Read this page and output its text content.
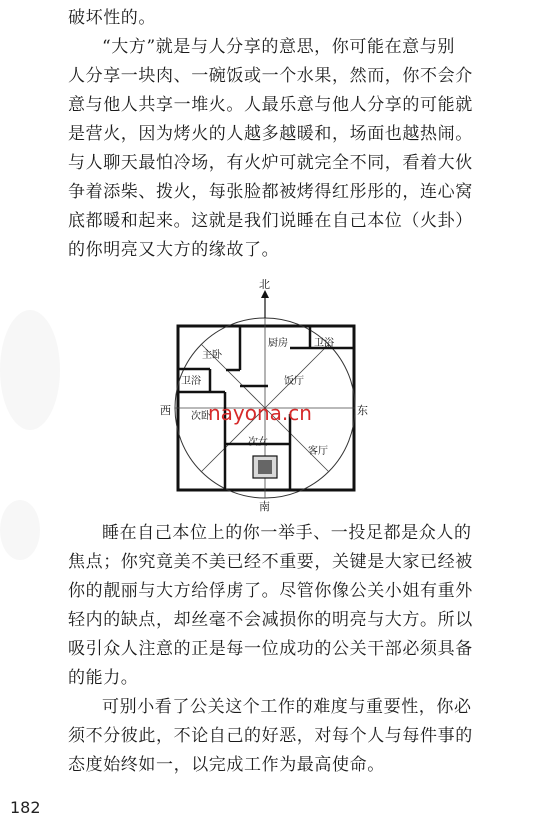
破坏性的。
“大方”就是与人分享的意思，你可能在意与别
人分享一块肉、一碗饭或一个水果，然而，你不会介
意与他人共享一堆火。人最乐意与他人分享的可能就
是营火，因为烤火的人越多越暖和，场面也越热闹。
与人聊天最怕冷场，有火炉可就完全不同，看着大伙
争着添柴、拨火，每张脸都被烤得红彤彤的，连心窝
底都暖和起来。这就是我们说睡在自己本位（火卦）
的你明亮又大方的缘故了。
北
南
东
西
主卧
厨房	卫浴
卫浴	饭厅
次卧
次女
客厅
nayona.cn
睡在自己本位上的你一举手、一投足都是众人的
焦点；你究竟美不美已经不重要，关键是大家已经被
你的靓丽与大方给俘虏了。尽管你像公关小姐有重外
轻内的缺点，却丝毫不会减损你的明亮与大方。所以
吸引众人注意的正是每一位成功的公关干部必须具备
的能力。
可别小看了公关这个工作的难度与重要性，你必
须不分彼此，不论自己的好恶，对每个人与每件事的
态度始终如一，以完成工作为最高使命。
182
